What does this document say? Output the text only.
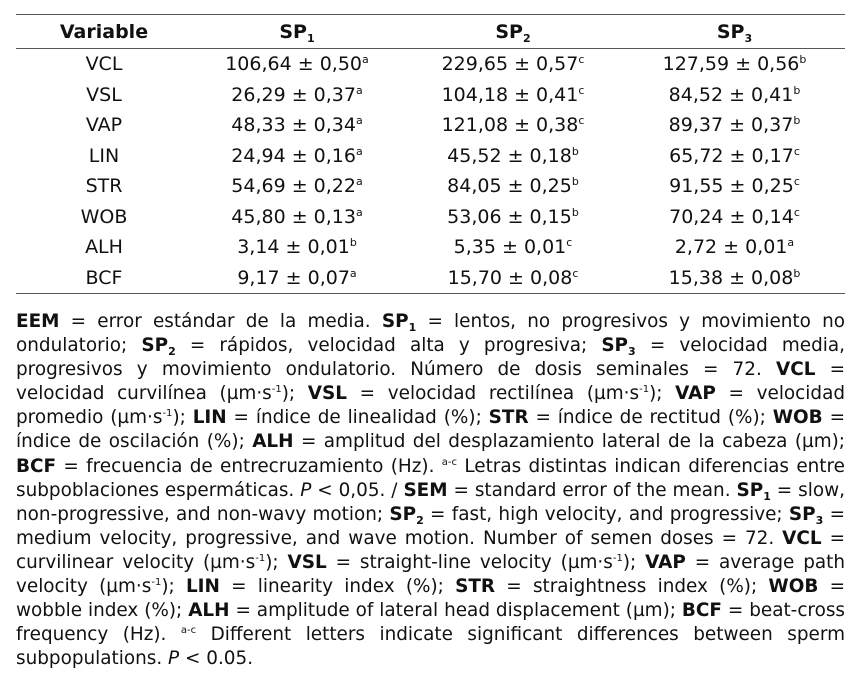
Variable	$SP_1$	$SP_2$	$SP_3$
VCL	106,64 ± 0,50$^a$	229,65 ± 0,57$^c$	127,59 ± 0,56$^b$
VSL	26,29 ± 0,37$^a$	104,18 ± 0,41$^c$	84,52 ± 0,41$^b$
VAP	48,33 ± 0,34$^a$	121,08 ± 0,38$^c$	89,37 ± 0,37$^b$
LIN	24,94 ± 0,16$^a$	45,52 ± 0,18$^b$	65,72 ± 0,17$^c$
STR	54,69 ± 0,22$^a$	84,05 ± 0,25$^b$	91,55 ± 0,25$^c$
WOB	45,80 ± 0,13$^a$	53,06 ± 0,15$^b$	70,24 ± 0,14$^c$
ALH	3,14 ± 0,01$^b$	5,35 ± 0,01$^c$	2,72 ± 0,01$^a$
BCF	9,17 ± 0,07$^a$	15,70 ± 0,08$^c$	15,38 ± 0,08$^b$
EEM = error estándar de la media. $SP_1$ = lentos, no progresivos y movimiento no ondulatorio; $SP_2$ = rápidos, velocidad alta y progresiva; $SP_3$ = velocidad media, progresivos y movimiento ondulatorio. Número de dosis seminales = 72. VCL = velocidad curvilínea $(\mu m\cdot s^{-1})$; VSL = velocidad rectilínea $(\mu m\cdot s^{-1})$; VAP = velocidad promedio $(\mu m\cdot s^{-1})$; LIN = índice de linealidad (%); STR = índice de rectitud (%); WOB = índice de oscilación (%); ALH = amplitud del desplazamiento lateral de la cabeza (µm); BCF = frecuencia de entrecruzamiento (Hz). $^{a-c}$ Letras distintas indican diferencias entre subpoblaciones espermáticas. P < 0,05. / SEM = standard error of the mean. $SP_1$ = slow, non-progressive, and non-wavy motion; $SP_2$ = fast, high velocity, and progressive; $SP_3$ = medium velocity, progressive, and wave motion. Number of semen doses = 72. VCL = curvilinear velocity $(\mu m\cdot s^{-1})$; VSL = straight-line velocity $(\mu m\cdot s^{-1})$; VAP = average path velocity $(\mu m\cdot s^{-1})$; LIN = linearity index (%); STR = straightness index (%); WOB = wobble index (%); ALH = amplitude of lateral head displacement (µm); BCF = beat-cross frequency (Hz). $^{a-c}$ Different letters indicate significant differences between sperm subpopulations. P < 0.05.
